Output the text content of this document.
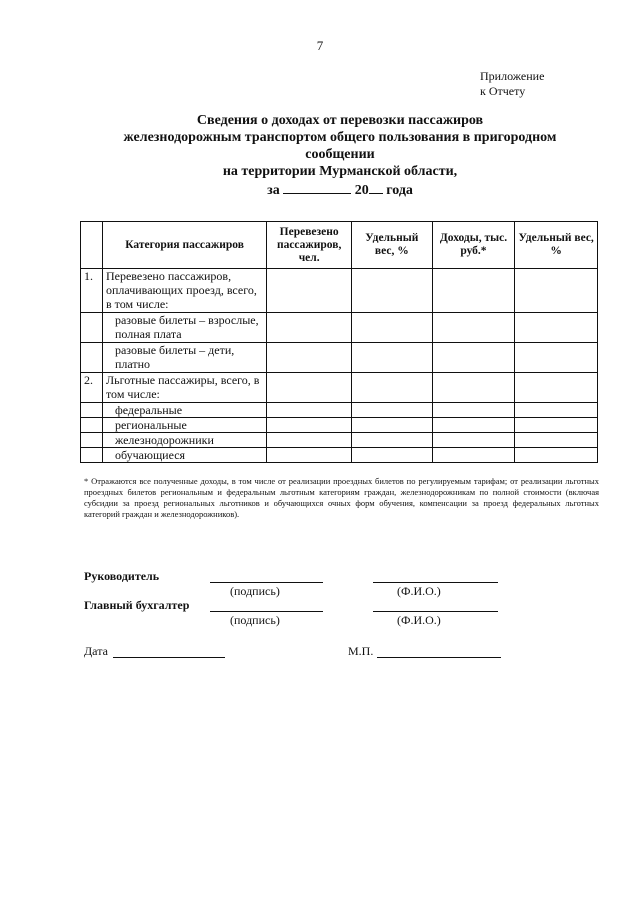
7
Приложение
к Отчету
Сведения о доходах от перевозки пассажиров
железнодорожным транспортом общего пользования в пригородном
сообщении
на территории Мурманской области,
за	20 года
	Категория пассажиров	Перевезено пассажиров, чел.	Удельный вес, %	Доходы, тыс. руб.*	Удельный вес, %
1.	Перевезено пассажиров, оплачивающих проезд, всего, в том числе:				
	разовые билеты – взрослые, полная плата				
	разовые билеты – дети, платно				
2.	Льготные пассажиры, всего, в том числе:				
	федеральные				
	региональные				
	железнодорожники				
	обучающиеся				
* Отражаются все полученные доходы, в том числе от реализации проездных билетов по регулируемым тарифам; от реализации льготных проездных билетов региональным и федеральным льготным категориям граждан, железнодорожникам по полной стоимости (включая субсидии за проезд региональных льготников и обучающихся очных форм обучения, компенсации за проезд федеральных льготных категорий граждан и железнодорожников).
Руководитель
(подпись)	(Ф.И.О.)
Главный бухгалтер
(подпись)	(Ф.И.О.)
Дата	М.П.
